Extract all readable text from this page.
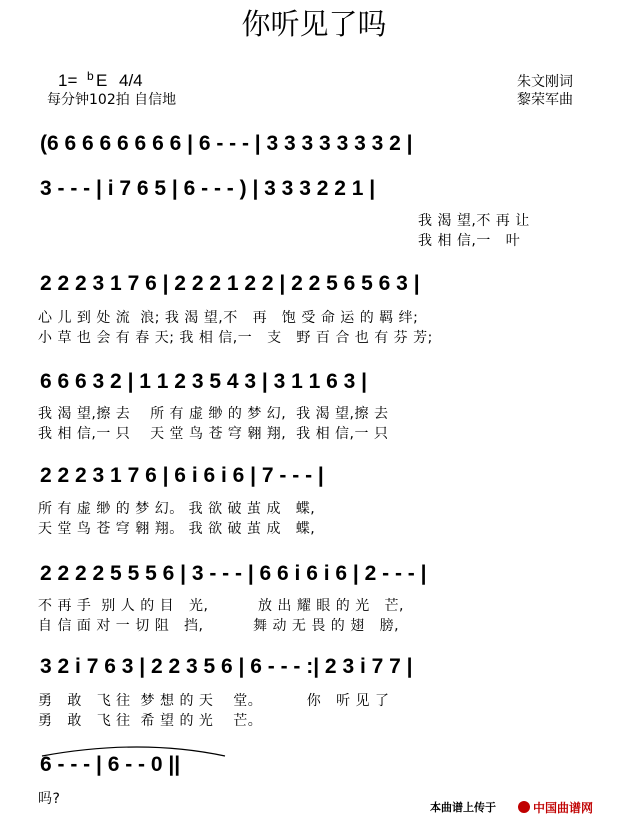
你听见了吗
1= b E 4/4
每分钟102拍 自信地
朱文刚词
黎荣军曲
(6 6 6 6 6 6 6 6 | 6 - - - | 3 3 3 3 3 3 3 2 |
3 - - - | i 7 6 5 | 6 - - - ) | 3 3 3 2 2 1 |
我 渴 望,不 再 让
我 相 信,一   叶
2 2 2 3 1 7 6 | 2 2 2 1 2 2 | 2 2 5 6 5 6 3 |
心 儿 到 处 流  浪; 我 渴 望,不   再   饱 受 命 运 的 羁 绊;
小 草 也 会 有 春 天; 我 相 信,一   支   野 百 合 也 有 芬 芳;
6 6 6 3 2 | 1 1 2 3 5 4 3 | 3 1 1 6 3 |
我 渴 望,擦 去    所 有 虚 缈 的 梦 幻,  我 渴 望,擦 去
我 相 信,一 只    天 堂 鸟 苍 穹 翱 翔,  我 相 信,一 只
2 2 2 3 1 7 6 | 6 i 6 i 6 | 7 - - - |
所 有 虚 缈 的 梦 幻。 我 欲 破 茧 成   蝶,
天 堂 鸟 苍 穹 翱 翔。 我 欲 破 茧 成   蝶,
2 2 2 2 5 5 5 6 | 3 - - - | 6 6 i 6 i 6 | 2 - - - |
不 再 手  别 人 的 目   光,          放 出 耀 眼 的 光   芒,
自 信 面 对 一 切 阻   挡,          舞 动 无 畏 的 翅   膀,
3 2 i 7 6 3 | 2 2 3 5 6 | 6 - - - :| 2 3 i 7 7 |
勇   敢   飞 往  梦 想 的 天    堂。         你   听 见 了
勇   敢   飞 往  希 望 的 光    芒。
6 - - - | 6 - - 0 ||
吗?
本曲谱上传于	中国曲谱网
